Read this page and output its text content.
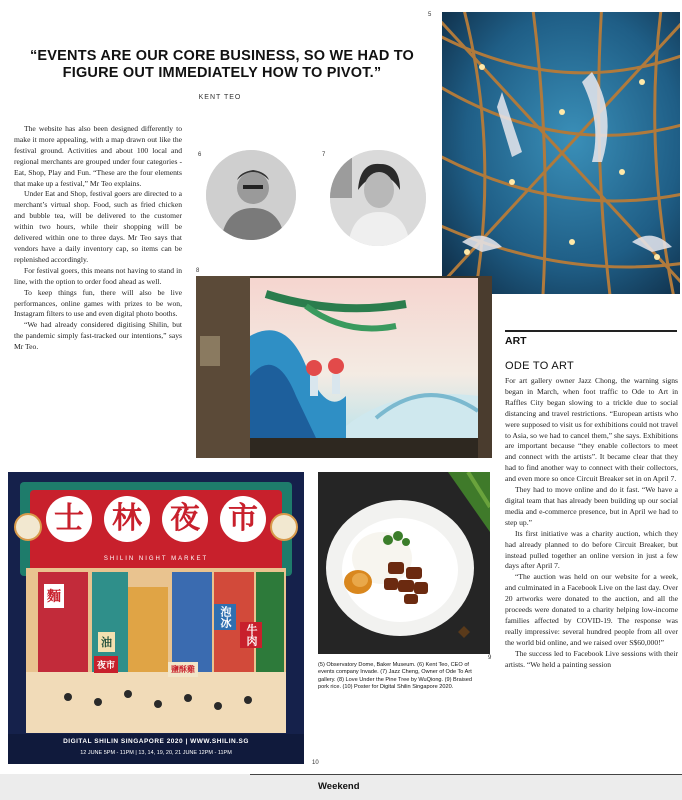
5
6	7
8
9
10
“EVENTS ARE OUR CORE BUSINESS, SO WE HAD TO FIGURE OUT IMMEDIATELY HOW TO PIVOT.”
KENT TEO

The website has also been designed differently to make it more appealing, with a map drawn out like the festival ground. Activities and about 100 local and regional merchants are grouped under four categories - Eat, Shop, Play and Fun. “These are the four elements that make up a festival,” Mr Teo explains.

Under Eat and Shop, festival goers are directed to a merchant’s virtual shop. Food, such as fried chicken and bubble tea, will be delivered to the customer within two hours, while their shopping will be delivered within one to three days. Mr Teo says that vendors have a daily inventory cap, so items can be replenished accordingly.

For festival goers, this means not having to stand in line, with the option to order food ahead as well.

To keep things fun, there will also be live performances, online games with prizes to be won, Instagram filters to use and even digital photo booths.

“We had already considered digitising Shilin, but the pandemic simply fast-tracked our intentions,” says Mr Teo.

士 林 夜 市
SHILIN NIGHT MARKET
麵
泡冰
牛肉
油
夜市	鹽酥雞
DIGITAL SHILIN SINGAPORE 2020 | WWW.SHILIN.SG
12 JUNE 5PM - 11PM | 13, 14, 19, 20, 21 JUNE 12PM - 11PM
(5) Observatory Dome, Baker Museum. (6) Kent Teo, CEO of events company Invade. (7) Jazz Cheng, Owner of Ode To Art gallery. (8) Love Under the Pine Tree by WuQiong. (9) Braised pork rice. (10) Poster for Digital Shilin Singapore 2020.
ART
ODE TO ART

For art gallery owner Jazz Chong, the warning signs began in March, when foot traffic to Ode to Art in Raffles City began slowing to a trickle due to social distancing and travel restrictions. “European artists who were supposed to visit us for exhibitions could not travel to Asia, so we had to cancel them,” she says. Exhibitions are important because “they enable collectors to meet and connect with the artists”. It became clear that they had to find another way to connect with their collectors, and even more so once Circuit Breaker set in on April 7.

They had to move online and do it fast. “We have a digital team that has already been building up our social media and e-commerce presence, but in April we had to step up.”

Its first initiative was a charity auction, which they had already planned to do before Circuit Breaker, but instead pulled together an online version in just a few days after April 7.

“The auction was held on our website for a week, and culminated in a Facebook Live on the last day. Over 20 artworks were donated to the auction, and all the proceeds were donated to a charity helping low-income families affected by COVID-19. The response was really impressive: several hundred people from all over the world bid online, and we raised over S$60,000!”

The success led to Facebook Live sessions with their artists. “We held a painting session

Weekend
